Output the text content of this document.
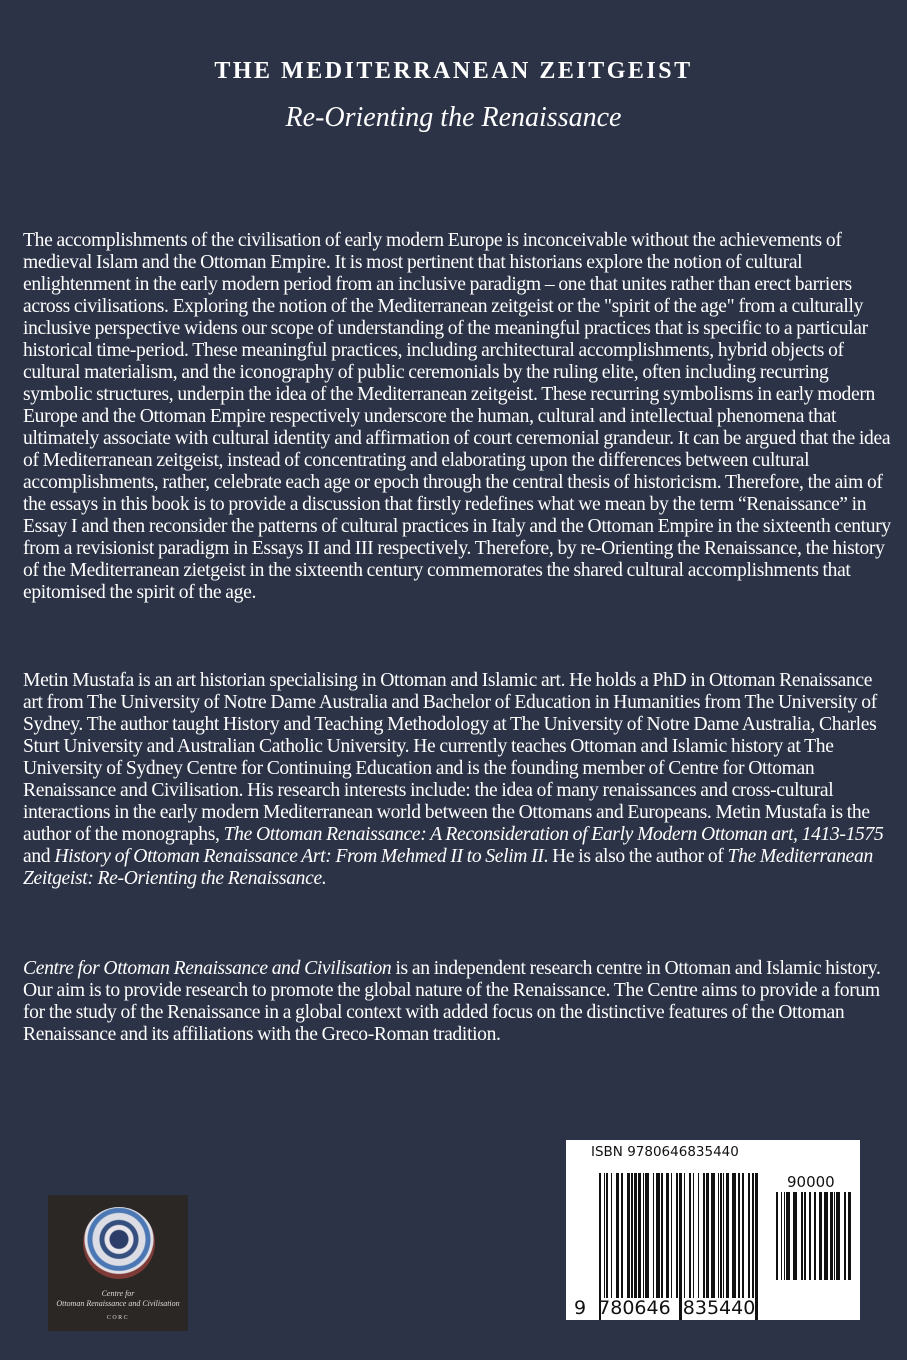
THE MEDITERRANEAN ZEITGEIST
Re-Orienting the Renaissance
The accomplishments of the civilisation of early modern Europe is inconceivable without the achievements of medieval Islam and the Ottoman Empire. It is most pertinent that historians explore the notion of cultural enlightenment in the early modern period from an inclusive paradigm – one that unites rather than erect barriers across civilisations. Exploring the notion of the Mediterranean zeitgeist or the "spirit of the age" from a culturally inclusive perspective widens our scope of understanding of the meaningful practices that is specific to a particular historical time-period. These meaningful practices, including architectural accomplishments, hybrid objects of cultural materialism, and the iconography of public ceremonials by the ruling elite, often including recurring symbolic structures, underpin the idea of the Mediterranean zeitgeist. These recurring symbolisms in early modern Europe and the Ottoman Empire respectively underscore the human, cultural and intellectual phenomena that ultimately associate with cultural identity and affirmation of court ceremonial grandeur. It can be argued that the idea of Mediterranean zeitgeist, instead of concentrating and elaborating upon the differences between cultural accomplishments, rather, celebrate each age or epoch through the central thesis of historicism. Therefore, the aim of the essays in this book is to provide a discussion that firstly redefines what we mean by the term “Renaissance” in Essay I and then reconsider the patterns of cultural practices in Italy and the Ottoman Empire in the sixteenth century from a revisionist paradigm in Essays II and III respectively. Therefore, by re-Orienting the Renaissance, the history of the Mediterranean zietgeist in the sixteenth century commemorates the shared cultural accomplishments that epitomised the spirit of the age.
Metin Mustafa is an art historian specialising in Ottoman and Islamic art. He holds a PhD in Ottoman Renaissance art from The University of Notre Dame Australia and Bachelor of Education in Humanities from The University of Sydney. The author taught History and Teaching Methodology at The University of Notre Dame Australia, Charles Sturt University and Australian Catholic University. He currently teaches Ottoman and Islamic history at The University of Sydney Centre for Continuing Education and is the founding member of Centre for Ottoman Renaissance and Civilisation. His research interests include: the idea of many renaissances and cross-cultural interactions in the early modern Mediterranean world between the Ottomans and Europeans. Metin Mustafa is the author of the monographs, The Ottoman Renaissance: A Reconsideration of Early Modern Ottoman art, 1413-1575 and History of Ottoman Renaissance Art: From Mehmed II to Selim II. He is also the author of The Mediterranean Zeitgeist: Re-Orienting the Renaissance.
Centre for Ottoman Renaissance and Civilisation is an independent research centre in Ottoman and Islamic history. Our aim is to provide research to promote the global nature of the Renaissance. The Centre aims to provide a forum for the study of the Renaissance in a global context with added focus on the distinctive features of the Ottoman Renaissance and its affiliations with the Greco-Roman tradition.
Centre for
Ottoman Renaissance and Civilisation
CORC
ISBN 9780646835440
90000
9  780646  835440
